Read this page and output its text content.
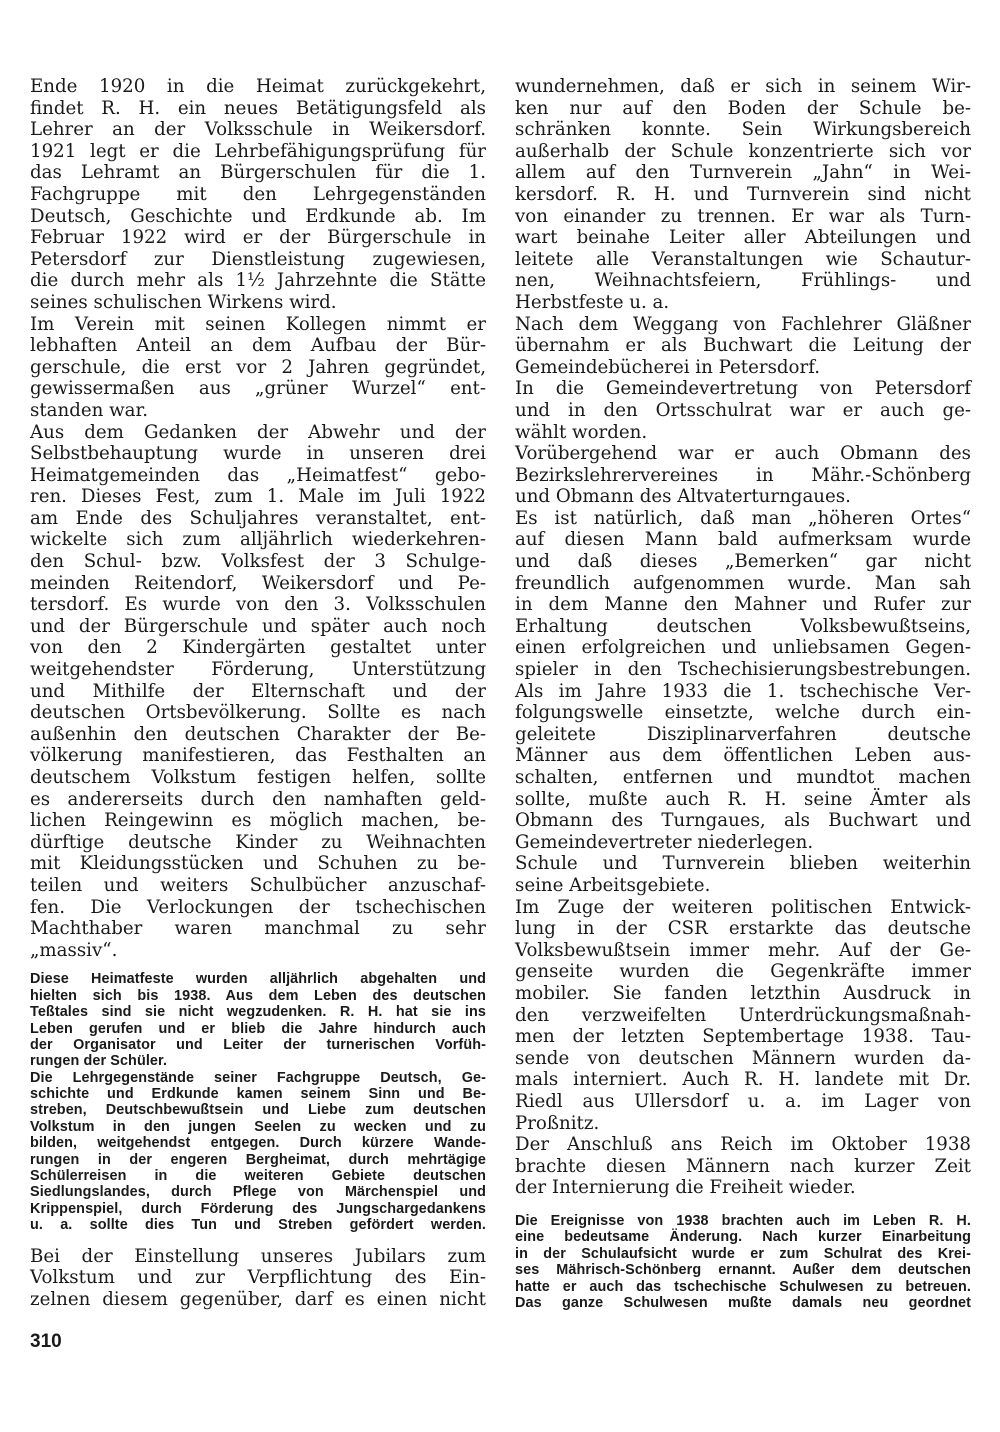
Ende 1920 in die Heimat zurückgekehrt,
findet R. H. ein neues Betätigungsfeld als
Lehrer an der Volksschule in Weikersdorf.
1921 legt er die Lehrbefähigungsprüfung für
das Lehramt an Bürgerschulen für die 1.
Fachgruppe mit den Lehrgegenständen
Deutsch, Geschichte und Erdkunde ab. Im
Februar 1922 wird er der Bürgerschule in
Petersdorf zur Dienstleistung zugewiesen,
die durch mehr als 1½ Jahrzehnte die Stätte
seines schulischen Wirkens wird.
Im Verein mit seinen Kollegen nimmt er
lebhaften Anteil an dem Aufbau der Bür-
gerschule, die erst vor 2 Jahren gegründet,
gewissermaßen aus „grüner Wurzel“ ent-
standen war.
Aus dem Gedanken der Abwehr und der
Selbstbehauptung wurde in unseren drei
Heimatgemeinden das „Heimatfest“ gebo-
ren. Dieses Fest, zum 1. Male im Juli 1922
am Ende des Schuljahres veranstaltet, ent-
wickelte sich zum alljährlich wiederkehren-
den Schul- bzw. Volksfest der 3 Schulge-
meinden Reitendorf, Weikersdorf und Pe-
tersdorf. Es wurde von den 3. Volksschulen
und der Bürgerschule und später auch noch
von den 2 Kindergärten gestaltet unter
weitgehendster Förderung, Unterstützung
und Mithilfe der Elternschaft und der
deutschen Ortsbevölkerung. Sollte es nach
außenhin den deutschen Charakter der Be-
völkerung manifestieren, das Festhalten an
deutschem Volkstum festigen helfen, sollte
es andererseits durch den namhaften geld-
lichen Reingewinn es möglich machen, be-
dürftige deutsche Kinder zu Weihnachten
mit Kleidungsstücken und Schuhen zu be-
teilen und weiters Schulbücher anzuschaf-
fen. Die Verlockungen der tschechischen
Machthaber waren manchmal zu sehr
„massiv“.
Diese Heimatfeste wurden alljährlich abgehalten und
hielten sich bis 1938. Aus dem Leben des deutschen
Teßtales sind sie nicht wegzudenken. R. H. hat sie ins
Leben gerufen und er blieb die Jahre hindurch auch
der Organisator und Leiter der turnerischen Vorfüh-
rungen der Schüler.
Die Lehrgegenstände seiner Fachgruppe Deutsch, Ge-
schichte und Erdkunde kamen seinem Sinn und Be-
streben, Deutschbewußtsein und Liebe zum deutschen
Volkstum in den jungen Seelen zu wecken und zu
bilden, weitgehendst entgegen. Durch kürzere Wande-
rungen in der engeren Bergheimat, durch mehrtägige
Schülerreisen in die weiteren Gebiete deutschen
Siedlungslandes, durch Pflege von Märchenspiel und
Krippenspiel, durch Förderung des Jungschargedankens
u. a. sollte dies Tun und Streben gefördert werden.
Bei der Einstellung unseres Jubilars zum
Volkstum und zur Verpflichtung des Ein-
zelnen diesem gegenüber, darf es einen nicht
wundernehmen, daß er sich in seinem Wir-
ken nur auf den Boden der Schule be-
schränken konnte. Sein Wirkungsbereich
außerhalb der Schule konzentrierte sich vor
allem auf den Turnverein „Jahn“ in Wei-
kersdorf. R. H. und Turnverein sind nicht
von einander zu trennen. Er war als Turn-
wart beinahe Leiter aller Abteilungen und
leitete alle Veranstaltungen wie Schautur-
nen, Weihnachtsfeiern, Frühlings- und
Herbstfeste u. a.
Nach dem Weggang von Fachlehrer Gläßner
übernahm er als Buchwart die Leitung der
Gemeindebücherei in Petersdorf.
In die Gemeindevertretung von Petersdorf
und in den Ortsschulrat war er auch ge-
wählt worden.
Vorübergehend war er auch Obmann des
Bezirkslehrervereines in Mähr.-Schönberg
und Obmann des Altvaterturngaues.
Es ist natürlich, daß man „höheren Ortes“
auf diesen Mann bald aufmerksam wurde
und daß dieses „Bemerken“ gar nicht
freundlich aufgenommen wurde. Man sah
in dem Manne den Mahner und Rufer zur
Erhaltung deutschen Volksbewußtseins,
einen erfolgreichen und unliebsamen Gegen-
spieler in den Tschechisierungsbestrebungen.
Als im Jahre 1933 die 1. tschechische Ver-
folgungswelle einsetzte, welche durch ein-
geleitete Disziplinarverfahren deutsche
Männer aus dem öffentlichen Leben aus-
schalten, entfernen und mundtot machen
sollte, mußte auch R. H. seine Ämter als
Obmann des Turngaues, als Buchwart und
Gemeindevertreter niederlegen.
Schule und Turnverein blieben weiterhin
seine Arbeitsgebiete.
Im Zuge der weiteren politischen Entwick-
lung in der CSR erstarkte das deutsche
Volksbewußtsein immer mehr. Auf der Ge-
genseite wurden die Gegenkräfte immer
mobiler. Sie fanden letzthin Ausdruck in
den verzweifelten Unterdrückungsmaßnah-
men der letzten Septembertage 1938. Tau-
sende von deutschen Männern wurden da-
mals interniert. Auch R. H. landete mit Dr.
Riedl aus Ullersdorf u. a. im Lager von
Proßnitz.
Der Anschluß ans Reich im Oktober 1938
brachte diesen Männern nach kurzer Zeit
der Internierung die Freiheit wieder.
Die Ereignisse von 1938 brachten auch im Leben R. H.
eine bedeutsame Änderung. Nach kurzer Einarbeitung
in der Schulaufsicht wurde er zum Schulrat des Krei-
ses Mährisch-Schönberg ernannt. Außer dem deutschen
hatte er auch das tschechische Schulwesen zu betreuen.
Das ganze Schulwesen mußte damals neu geordnet
310
